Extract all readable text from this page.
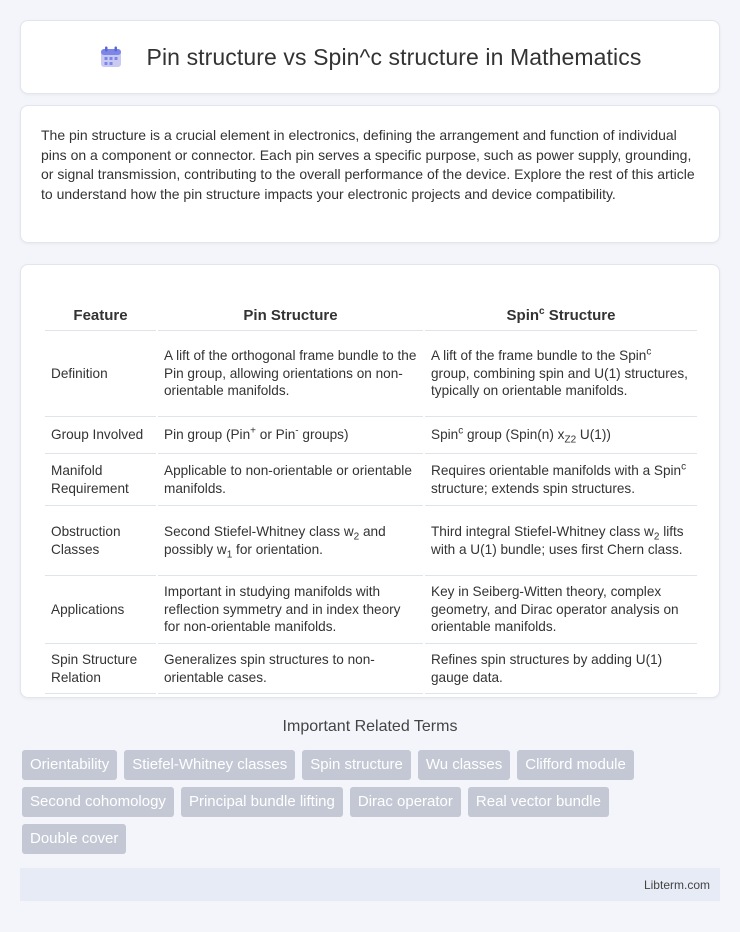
Pin structure vs Spin^c structure in Mathematics

The pin structure is a crucial element in electronics, defining the arrangement and function of individual pins on a component or connector. Each pin serves a specific purpose, such as power supply, grounding, or signal transmission, contributing to the overall performance of the device. Explore the rest of this article to understand how the pin structure impacts your electronic projects and device compatibility.

Feature	Pin Structure	Spin$^c$ Structure
Definition	A lift of the orthogonal frame bundle to the Pin group, allowing orientations on non-orientable manifolds.	A lift of the frame bundle to the Spin$^c$ group, combining spin and U(1) structures, typically on orientable manifolds.
Group Involved	Pin group (Pin+ or Pin- groups)	Spin$^c$ group (Spin(n) $x_{Z2}$ U(1))
Manifold Requirement	Applicable to non-orientable or orientable manifolds.	Requires orientable manifolds with a Spin$^c$ structure; extends spin structures.
Obstruction Classes	Second Stiefel-Whitney class $w_2$ and possibly $w_1$ for orientation.	Third integral Stiefel-Whitney class $w_2$ lifts with a U(1) bundle; uses first Chern class.
Applications	Important in studying manifolds with reflection symmetry and in index theory for non-orientable manifolds.	Key in Seiberg-Witten theory, complex geometry, and Dirac operator analysis on orientable manifolds.
Spin Structure Relation	Generalizes spin structures to non-orientable cases.	Refines spin structures by adding U(1) gauge data.
Important Related Terms
Orientability	Stiefel-Whitney classes	Spin structure	Wu classes	Clifford module
Second cohomology	Principal bundle lifting	Dirac operator	Real vector bundle
Double cover
Libterm.com
